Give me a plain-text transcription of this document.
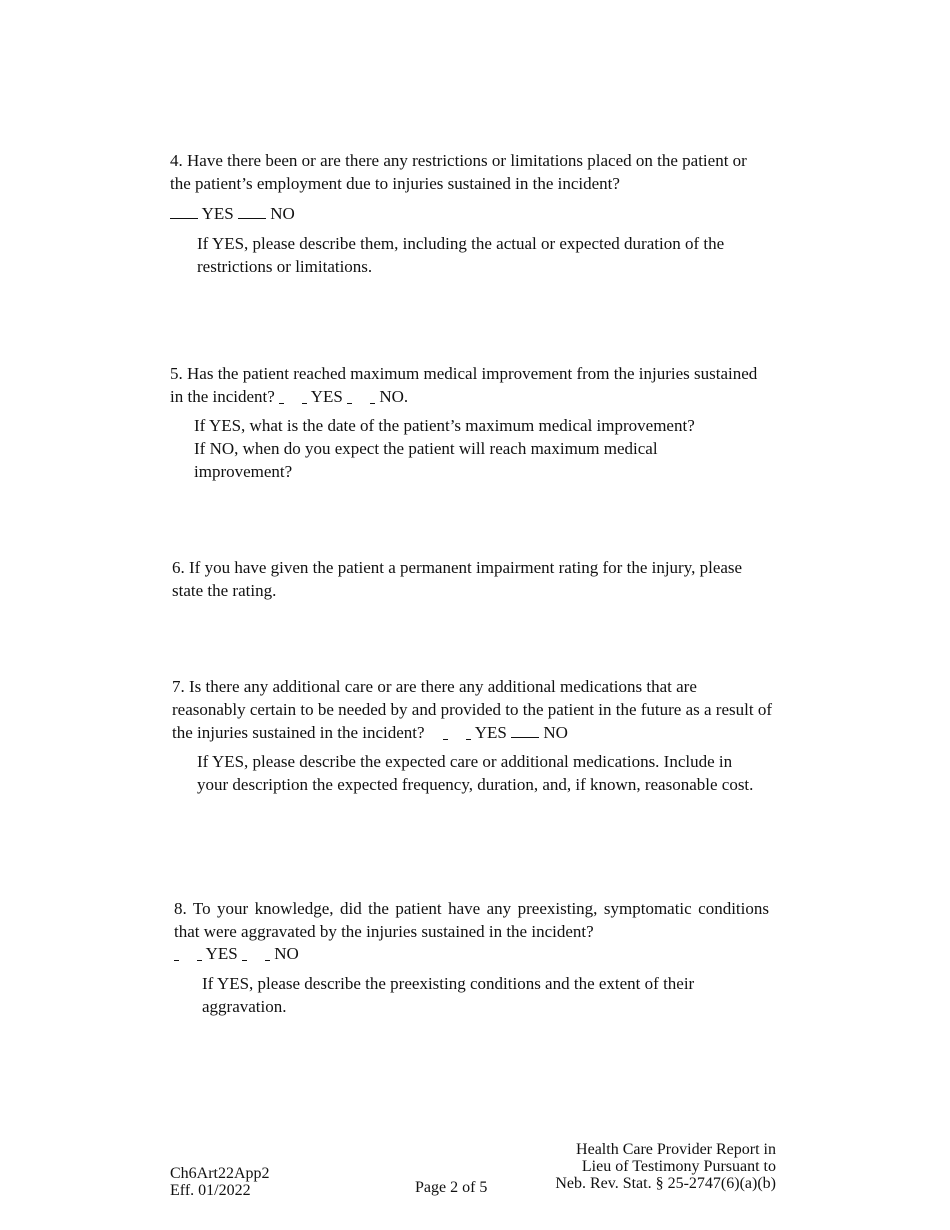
4. Have there been or are there any restrictions or limitations placed on the patient or the patient’s employment due to injuries sustained in the incident?
YES NO
If YES, please describe them, including the actual or expected duration of the restrictions or limitations.
5. Has the patient reached maximum medical improvement from the injuries sustained in the incident? YES NO.
If YES, what is the date of the patient’s maximum medical improvement?
If NO, when do you expect the patient will reach maximum medical improvement?
6. If you have given the patient a permanent impairment rating for the injury, please state the rating.
7. Is there any additional care or are there any additional medications that are reasonably certain to be needed by and provided to the patient in the future as a result of the injuries sustained in the incident?	YES NO
If YES, please describe the expected care or additional medications. Include in your description the expected frequency, duration, and, if known, reasonable cost.
8. To your knowledge, did the patient have any preexisting, symptomatic conditions that were aggravated by the injuries sustained in the incident?
YES NO
If YES, please describe the preexisting conditions and the extent of their aggravation.
Ch6Art22App2
Eff. 01/2022	Page 2 of 5
Health Care Provider Report in
Lieu of Testimony Pursuant to
Neb. Rev. Stat. § 25-2747(6)(a)(b)
